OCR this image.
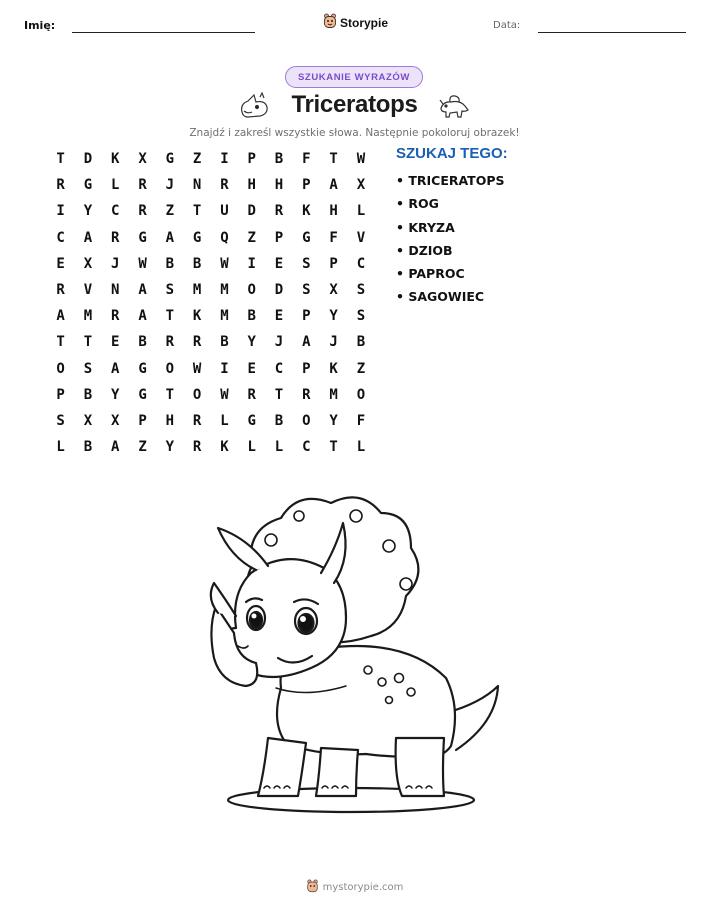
Imię:	Storypie	Data:
SZUKANIE WYRAZÓW
Triceratops
Znajdź i zakreśl wszystkie słowa. Następnie pokoloruj obrazek!
T	D	K	X	G	Z	I	P	B	F	T	W
R	G	L	R	J	N	R	H	H	P	A	X
I	Y	C	R	Z	T	U	D	R	K	H	L
C	A	R	G	A	G	Q	Z	P	G	F	V
E	X	J	W	B	B	W	I	E	S	P	C
R	V	N	A	S	M	M	O	D	S	X	S
A	M	R	A	T	K	M	B	E	P	Y	S
T	T	E	B	R	R	B	Y	J	A	J	B
O	S	A	G	O	W	I	E	C	P	K	Z
P	B	Y	G	T	O	W	R	T	R	M	O
S	X	X	P	H	R	L	G	B	O	Y	F
L	B	A	Z	Y	R	K	L	L	C	T	L
SZUKAJ TEGO:
• TRICERATOPS
• ROG
• KRYZA
• DZIOB
• PAPROC
• SAGOWIEC
mystorypie.com
